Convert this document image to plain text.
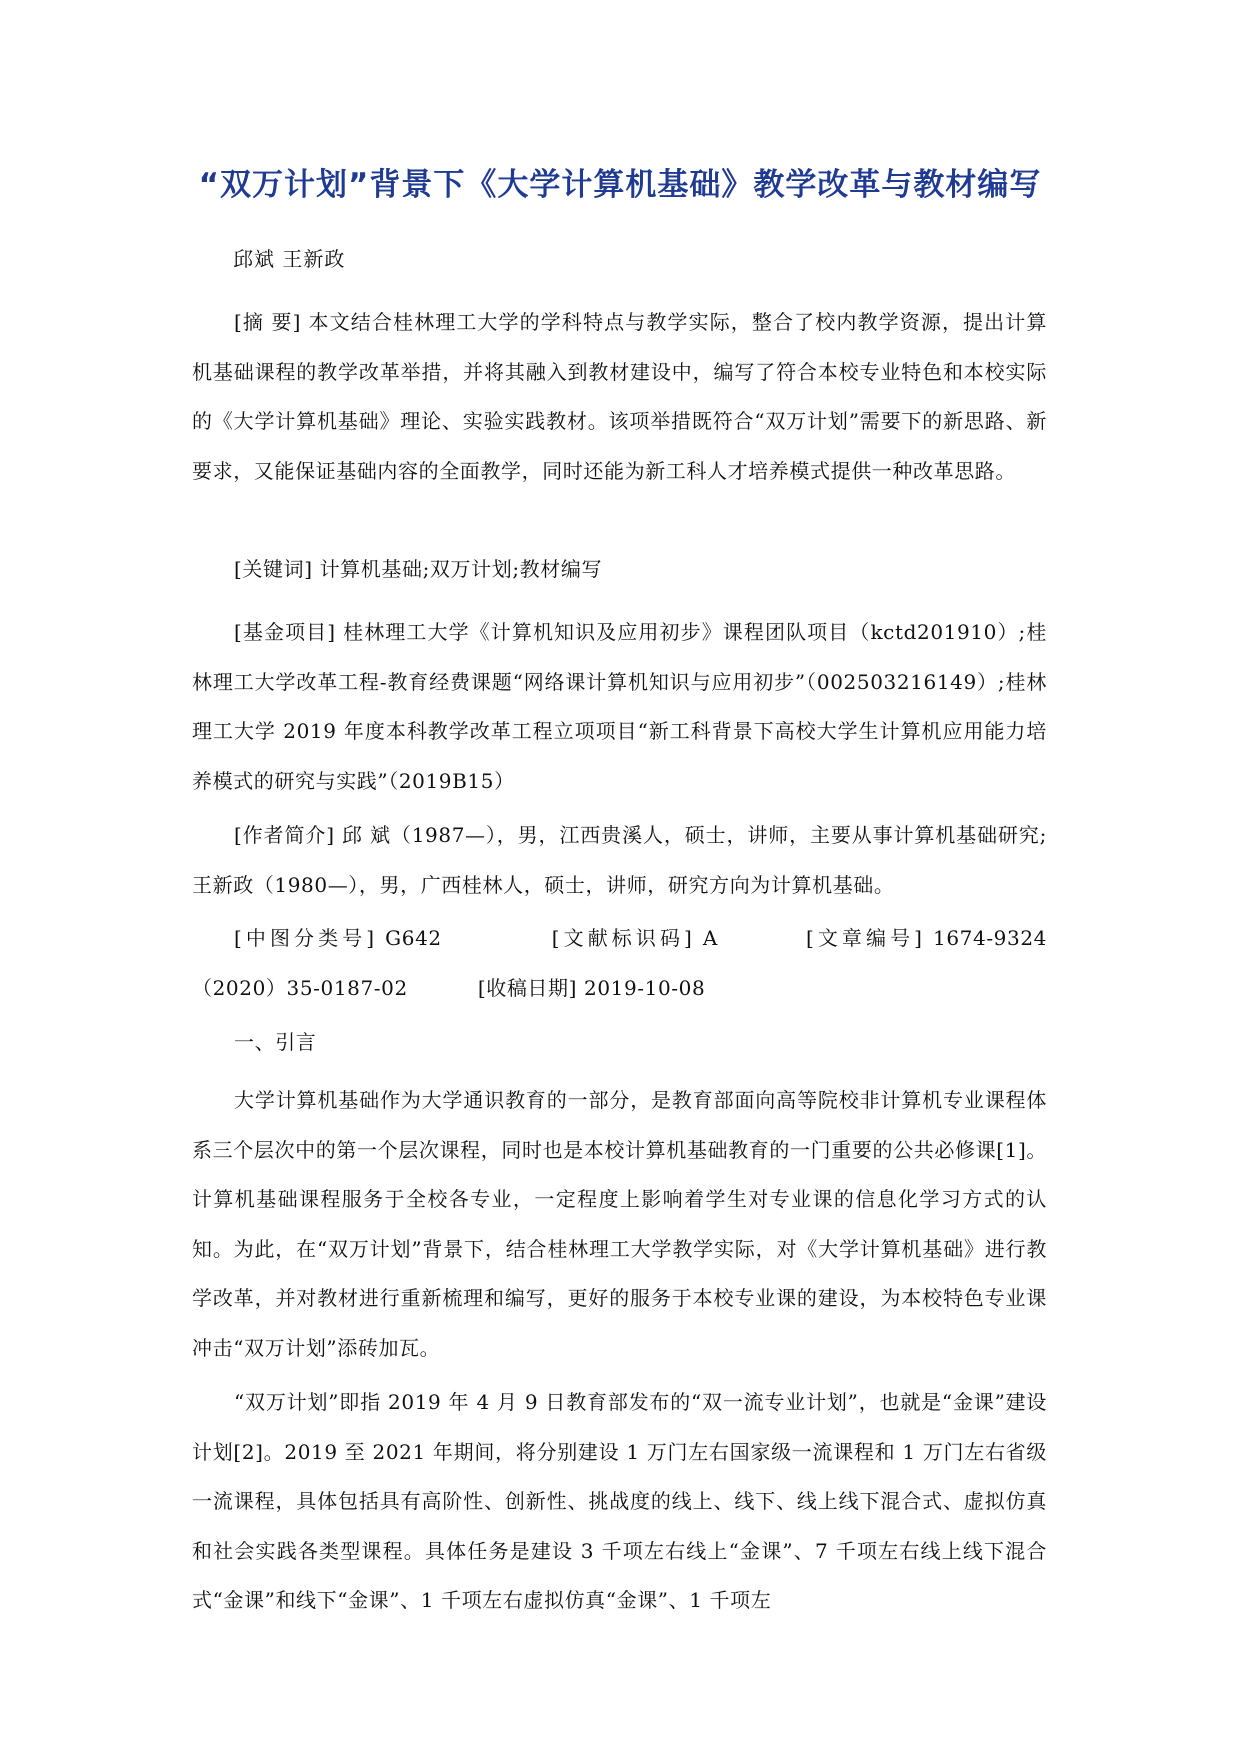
“双万计划”背景下《大学计算机基础》教学改革与教材编写
邱斌 王新政
[摘 要] 本文结合桂林理工大学的学科特点与教学实际，整合了校内教学资源，提出计算机基础课程的教学改革举措，并将其融入到教材建设中，编写了符合本校专业特色和本校实际的《大学计算机基础》理论、实验实践教材。该项举措既符合“双万计划”需要下的新思路、新要求，又能保证基础内容的全面教学，同时还能为新工科人才培养模式提供一种改革思路。
[关键词] 计算机基础;双万计划;教材编写
[基金项目] 桂林理工大学《计算机知识及应用初步》课程团队项目（kctd201910）;桂林理工大学改革工程-教育经费课题“网络课计算机知识与应用初步”（002503216149）;桂林理工大学 2019 年度本科教学改革工程立项项目“新工科背景下高校大学生计算机应用能力培养模式的研究与实践”（2019B15）
[作者简介] 邱 斌（1987—），男，江西贵溪人，硕士，讲师，主要从事计算机基础研究;王新政（1980—），男，广西桂林人，硕士，讲师，研究方向为计算机基础。
[中图分类号] G642	[文献标识码] A	[文章编号] 1674-9324（2020）35-0187-02	[收稿日期] 2019-10-08
一、引言
大学计算机基础作为大学通识教育的一部分，是教育部面向高等院校非计算机专业课程体系三个层次中的第一个层次课程，同时也是本校计算机基础教育的一门重要的公共必修课[1]。计算机基础课程服务于全校各专业，一定程度上影响着学生对专业课的信息化学习方式的认知。为此，在“双万计划”背景下，结合桂林理工大学教学实际，对《大学计算机基础》进行教学改革，并对教材进行重新梳理和编写，更好的服务于本校专业课的建设，为本校特色专业课冲击“双万计划”添砖加瓦。
“双万计划”即指 2019 年 4 月 9 日教育部发布的“双一流专业计划”，也就是“金课”建设计划[2]。2019 至 2021 年期间，将分别建设 1 万门左右国家级一流课程和 1 万门左右省级一流课程，具体包括具有高阶性、创新性、挑战度的线上、线下、线上线下混合式、虚拟仿真和社会实践各类型课程。具体任务是建设 3 千项左右线上“金课”、7 千项左右线上线下混合式“金课”和线下“金课”、1 千项左右虚拟仿真“金课”、1 千项左
